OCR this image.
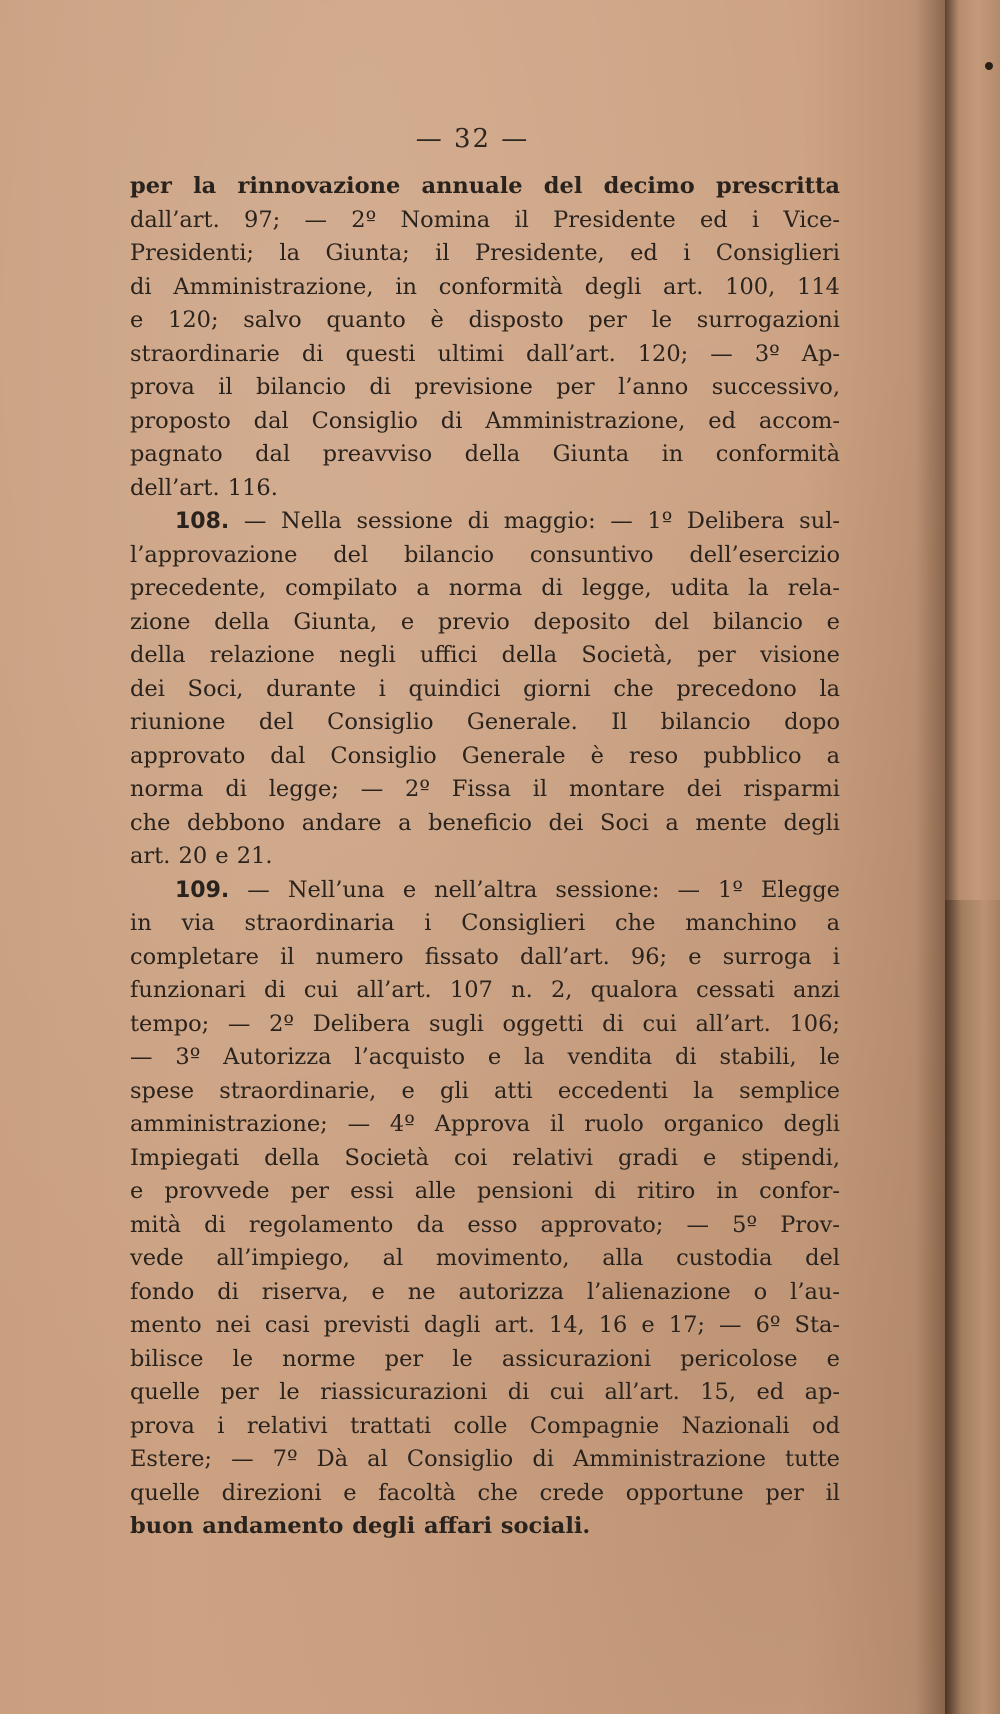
— 32 —
per la rinnovazione annuale del decimo prescritta
dall’art. 97; — 2º Nomina il Presidente ed i Vice-
Presidenti; la Giunta; il Presidente, ed i Consiglieri
di Amministrazione, in conformità degli art. 100, 114
e 120; salvo quanto è disposto per le surrogazioni
straordinarie di questi ultimi dall’art. 120; — 3º Ap-
prova il bilancio di previsione per l’anno successivo,
proposto dal Consiglio di Amministrazione, ed accom-
pagnato dal preavviso della Giunta in conformità
dell’art. 116.
108. — Nella sessione di maggio: — 1º Delibera sul-
l’approvazione del bilancio consuntivo dell’esercizio
precedente, compilato a norma di legge, udita la rela-
zione della Giunta, e previo deposito del bilancio e
della relazione negli uffici della Società, per visione
dei Soci, durante i quindici giorni che precedono la
riunione del Consiglio Generale. Il bilancio dopo
approvato dal Consiglio Generale è reso pubblico a
norma di legge; — 2º Fissa il montare dei risparmi
che debbono andare a beneficio dei Soci a mente degli
art. 20 e 21.
109. — Nell’una e nell’altra sessione: — 1º Elegge
in via straordinaria i Consiglieri che manchino a
completare il numero fissato dall’art. 96; e surroga i
funzionari di cui all’art. 107 n. 2, qualora cessati anzi
tempo; — 2º Delibera sugli oggetti di cui all’art. 106;
— 3º Autorizza l’acquisto e la vendita di stabili, le
spese straordinarie, e gli atti eccedenti la semplice
amministrazione; — 4º Approva il ruolo organico degli
Impiegati della Società coi relativi gradi e stipendi,
e provvede per essi alle pensioni di ritiro in confor-
mità di regolamento da esso approvato; — 5º Prov-
vede all’impiego, al movimento, alla custodia del
fondo di riserva, e ne autorizza l’alienazione o l’au-
mento nei casi previsti dagli art. 14, 16 e 17; — 6º Sta-
bilisce le norme per le assicurazioni pericolose e
quelle per le riassicurazioni di cui all’art. 15, ed ap-
prova i relativi trattati colle Compagnie Nazionali od
Estere; — 7º Dà al Consiglio di Amministrazione tutte
quelle direzioni e facoltà che crede opportune per il
buon andamento degli affari sociali.
